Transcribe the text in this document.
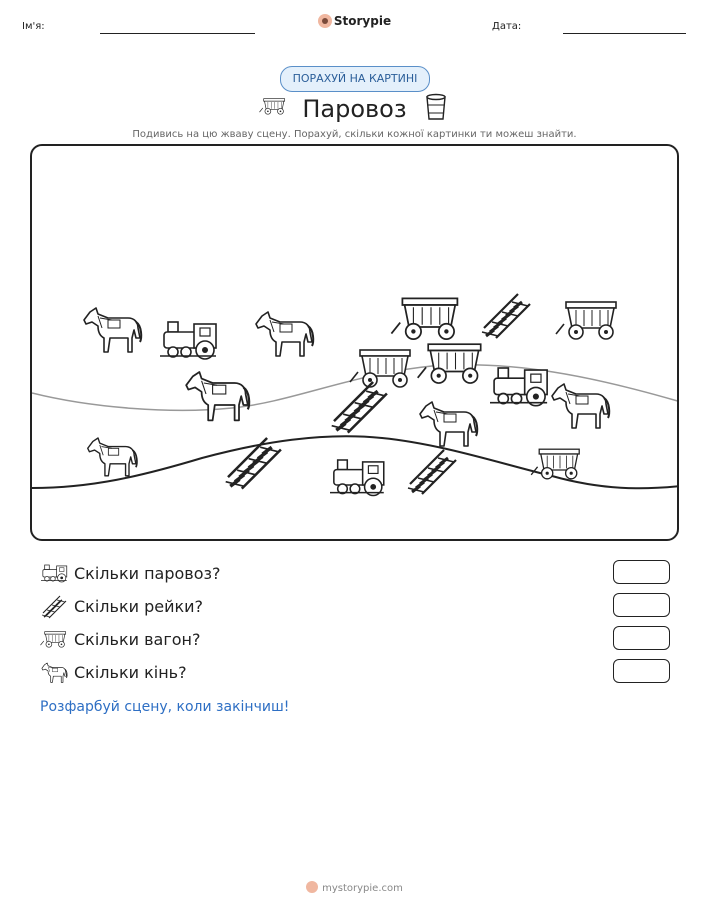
Ім'я:	Storypie	Дата:
ПОРАХУЙ НА КАРТИНІ
Паровоз
Подивись на цю жваву сцену. Порахуй, скільки кожної картинки ти можеш знайти.
Скільки паровоз?
Скільки рейки?
Скільки вагон?
Скільки кінь?
Розфарбуй сцену, коли закінчиш!
mystorypie.com
